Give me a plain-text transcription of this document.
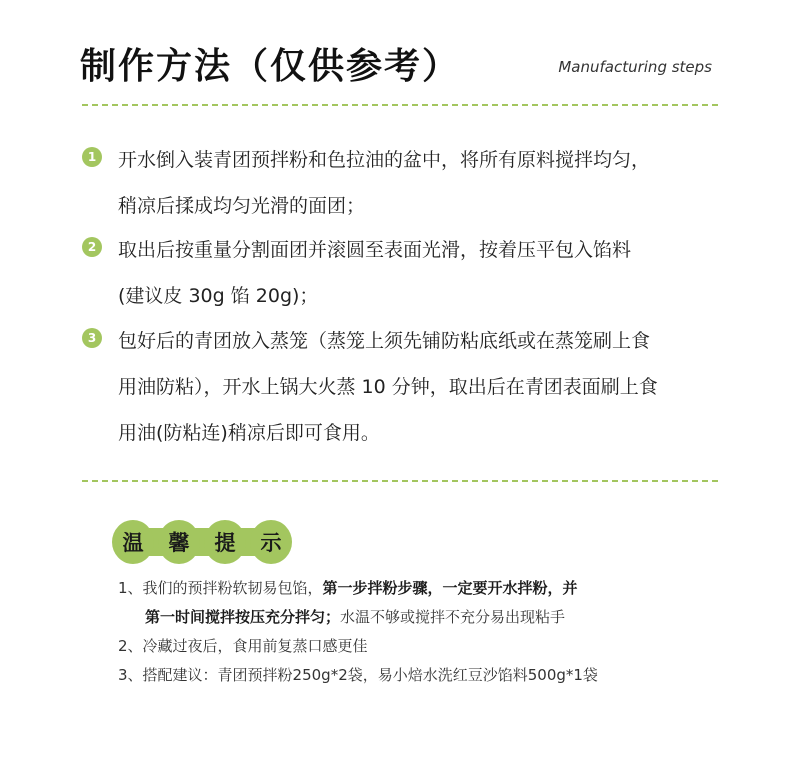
制作方法（仅供参考）	Manufacturing steps
1	开水倒入装青团预拌粉和色拉油的盆中，将所有原料搅拌均匀，
稍凉后揉成均匀光滑的面团；
2	取出后按重量分割面团并滚圆至表面光滑，按着压平包入馅料
(建议皮 30g 馅 20g)；
3	包好后的青团放入蒸笼（蒸笼上须先铺防粘底纸或在蒸笼刷上食
用油防粘），开水上锅大火蒸 10 分钟，取出后在青团表面刷上食
用油(防粘连)稍凉后即可食用。
温	馨	提	示
1、我们的预拌粉软韧易包馅，第一步拌粉步骤，一定要开水拌粉，并
第一时间搅拌按压充分拌匀；水温不够或搅拌不充分易出现粘手
2、冷藏过夜后，食用前复蒸口感更佳
3、搭配建议：青团预拌粉250g*2袋，易小焙水洗红豆沙馅料500g*1袋
